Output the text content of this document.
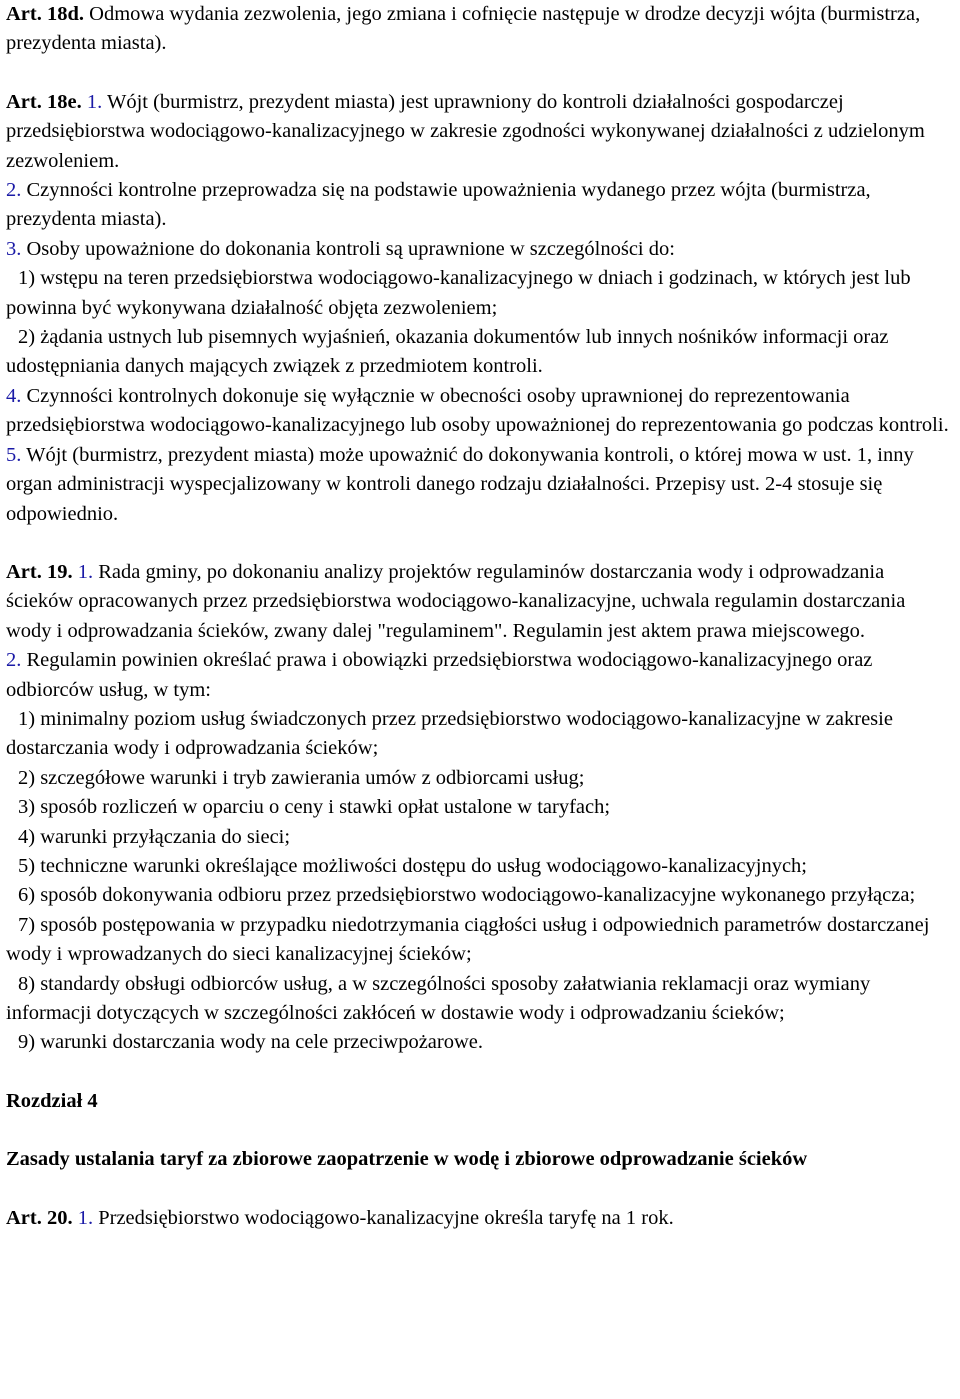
Art. 18d. Odmowa wydania zezwolenia, jego zmiana i cofnięcie następuje w drodze decyzji wójta (burmistrza, prezydenta miasta).

Art. 18e. 1. Wójt (burmistrz, prezydent miasta) jest uprawniony do kontroli działalności gospodarczej przedsiębiorstwa wodociągowo-kanalizacyjnego w zakresie zgodności wykonywanej działalności z udzielonym zezwoleniem.

2. Czynności kontrolne przeprowadza się na podstawie upoważnienia wydanego przez wójta (burmistrza, prezydenta miasta).

3. Osoby upoważnione do dokonania kontroli są uprawnione w szczególności do:

1) wstępu na teren przedsiębiorstwa wodociągowo-kanalizacyjnego w dniach i godzinach, w których jest lub powinna być wykonywana działalność objęta zezwoleniem;

2) żądania ustnych lub pisemnych wyjaśnień, okazania dokumentów lub innych nośników informacji oraz udostępniania danych mających związek z przedmiotem kontroli.

4. Czynności kontrolnych dokonuje się wyłącznie w obecności osoby uprawnionej do reprezentowania przedsiębiorstwa wodociągowo-kanalizacyjnego lub osoby upoważnionej do reprezentowania go podczas kontroli.

5. Wójt (burmistrz, prezydent miasta) może upoważnić do dokonywania kontroli, o której mowa w ust. 1, inny organ administracji wyspecjalizowany w kontroli danego rodzaju działalności. Przepisy ust. 2-4 stosuje się odpowiednio.

Art. 19. 1. Rada gminy, po dokonaniu analizy projektów regulaminów dostarczania wody i odprowadzania ścieków opracowanych przez przedsiębiorstwa wodociągowo-kanalizacyjne, uchwala regulamin dostarczania wody i odprowadzania ścieków, zwany dalej "regulaminem". Regulamin jest aktem prawa miejscowego.

2. Regulamin powinien określać prawa i obowiązki przedsiębiorstwa wodociągowo-kanalizacyjnego oraz odbiorców usług, w tym:

1) minimalny poziom usług świadczonych przez przedsiębiorstwo wodociągowo-kanalizacyjne w zakresie dostarczania wody i odprowadzania ścieków;

2) szczegółowe warunki i tryb zawierania umów z odbiorcami usług;

3) sposób rozliczeń w oparciu o ceny i stawki opłat ustalone w taryfach;

4) warunki przyłączania do sieci;

5) techniczne warunki określające możliwości dostępu do usług wodociągowo-kanalizacyjnych;

6) sposób dokonywania odbioru przez przedsiębiorstwo wodociągowo-kanalizacyjne wykonanego przyłącza;

7) sposób postępowania w przypadku niedotrzymania ciągłości usług i odpowiednich parametrów dostarczanej wody i wprowadzanych do sieci kanalizacyjnej ścieków;

8) standardy obsługi odbiorców usług, a w szczególności sposoby załatwiania reklamacji oraz wymiany informacji dotyczących w szczególności zakłóceń w dostawie wody i odprowadzaniu ścieków;

9) warunki dostarczania wody na cele przeciwpożarowe.

Rozdział 4

Zasady ustalania taryf za zbiorowe zaopatrzenie w wodę i zbiorowe odprowadzanie ścieków

Art. 20. 1. Przedsiębiorstwo wodociągowo-kanalizacyjne określa taryfę na 1 rok.
